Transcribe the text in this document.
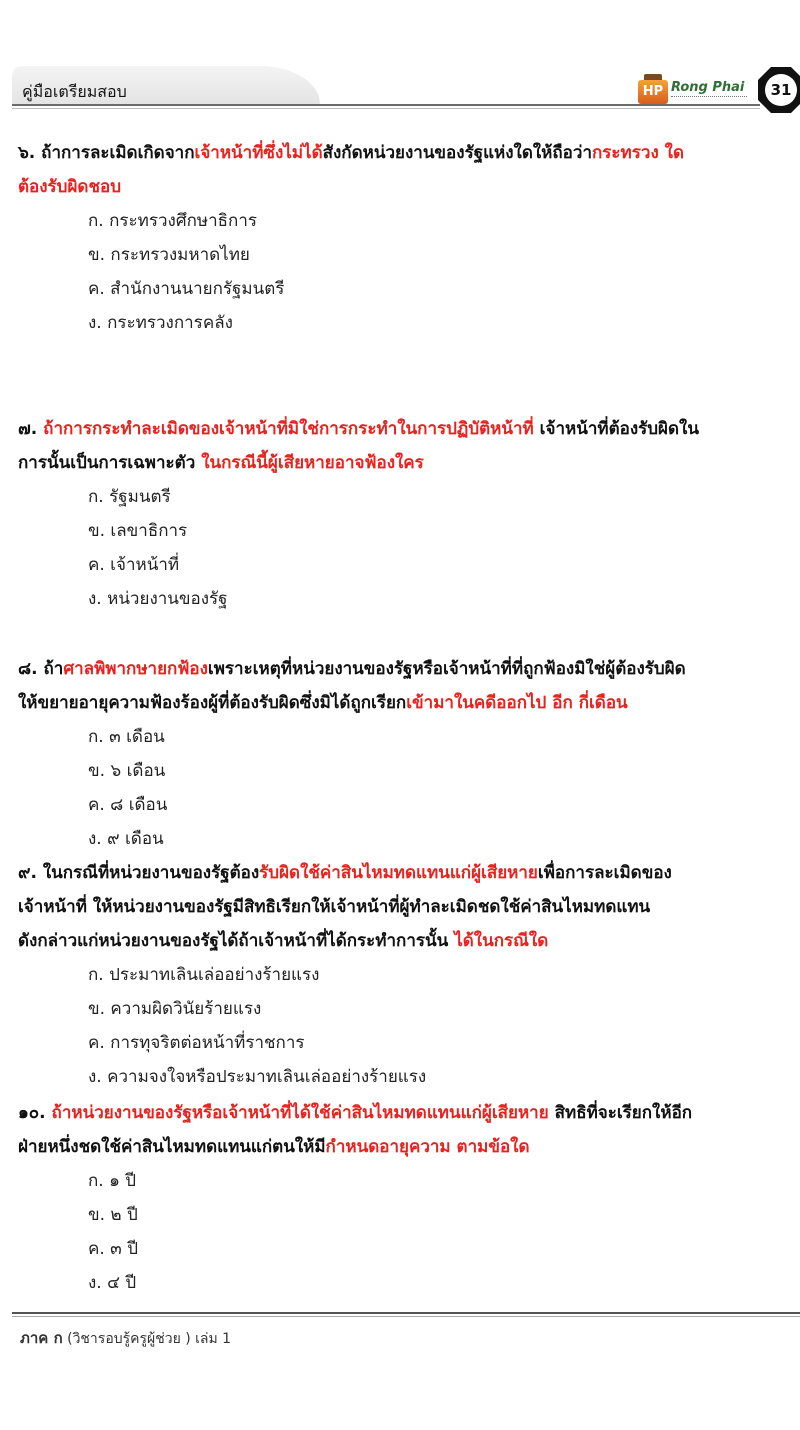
คู่มือเตรียมสอบ	HP Rong Phai	31
๖. ถ้าการละเมิดเกิดจากเจ้าหน้าที่ซึ่งไม่ได้สังกัดหน่วยงานของรัฐแห่งใดให้ถือว่ากระทรวง ใด
ต้องรับผิดชอบ
ก. กระทรวงศึกษาธิการ
ข. กระทรวงมหาดไทย
ค. สำนักงานนายกรัฐมนตรี
ง. กระทรวงการคลัง
๗. ถ้าการกระทำละเมิดของเจ้าหน้าที่มิใช่การกระทำในการปฏิบัติหน้าที่ เจ้าหน้าที่ต้องรับผิดใน
การนั้นเป็นการเฉพาะตัว ในกรณีนี้ผู้เสียหายอาจฟ้องใคร
ก. รัฐมนตรี
ข. เลขาธิการ
ค. เจ้าหน้าที่
ง. หน่วยงานของรัฐ
๘. ถ้าศาลพิพากษายกฟ้องเพราะเหตุที่หน่วยงานของรัฐหรือเจ้าหน้าที่ที่ถูกฟ้องมิใช่ผู้ต้องรับผิด
ให้ขยายอายุความฟ้องร้องผู้ที่ต้องรับผิดซึ่งมิได้ถูกเรียกเข้ามาในคดีออกไป อีก กี่เดือน
ก. ๓ เดือน
ข. ๖ เดือน
ค. ๘ เดือน
ง. ๙ เดือน
๙. ในกรณีที่หน่วยงานของรัฐต้องรับผิดใช้ค่าสินไหมทดแทนแก่ผู้เสียหายเพื่อการละเมิดของ
เจ้าหน้าที่ ให้หน่วยงานของรัฐมีสิทธิเรียกให้เจ้าหน้าที่ผู้ทำละเมิดชดใช้ค่าสินไหมทดแทน
ดังกล่าวแก่หน่วยงานของรัฐได้ถ้าเจ้าหน้าที่ได้กระทำการนั้น ได้ในกรณีใด
ก. ประมาทเลินเล่ออย่างร้ายแรง
ข. ความผิดวินัยร้ายแรง
ค. การทุจริตต่อหน้าที่ราชการ
ง. ความจงใจหรือประมาทเลินเล่ออย่างร้ายแรง
๑๐. ถ้าหน่วยงานของรัฐหรือเจ้าหน้าที่ได้ใช้ค่าสินไหมทดแทนแก่ผู้เสียหาย สิทธิที่จะเรียกให้อีก
ฝ่ายหนึ่งชดใช้ค่าสินไหมทดแทนแก่ตนให้มีกำหนดอายุความ ตามข้อใด
ก. ๑ ปี
ข. ๒ ปี
ค. ๓ ปี
ง. ๔ ปี
ภาค ก (วิชารอบรู้ครูผู้ช่วย ) เล่ม 1
